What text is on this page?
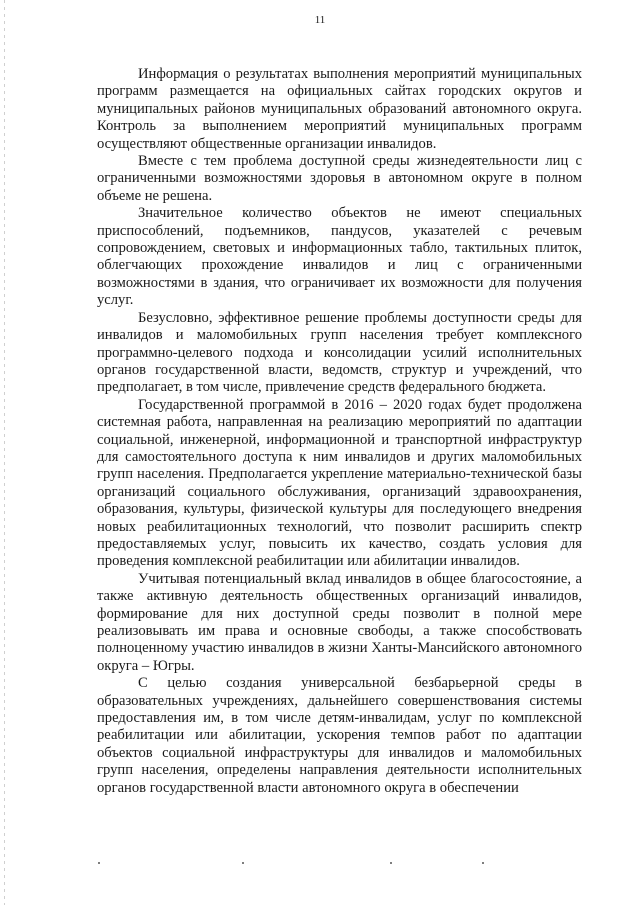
11

Информация о результатах выполнения мероприятий муниципальных программ размещается на официальных сайтах городских округов и муниципальных районов муниципальных образований автономного округа. Контроль за выполнением мероприятий муниципальных программ осуществляют общественные организации инвалидов.

Вместе с тем проблема доступной среды жизнедеятельности лиц с ограниченными возможностями здоровья в автономном округе в полном объеме не решена.

Значительное количество объектов не имеют специальных приспособлений, подъемников, пандусов, указателей с речевым сопровождением, световых и информационных табло, тактильных плиток, облегчающих прохождение инвалидов и лиц с ограниченными возможностями в здания, что ограничивает их возможности для получения услуг.

Безусловно, эффективное решение проблемы доступности среды для инвалидов и маломобильных групп населения требует комплексного программно-целевого подхода и консолидации усилий исполнительных органов государственной власти, ведомств, структур и учреждений, что предполагает, в том числе, привлечение средств федерального бюджета.

Государственной программой в 2016 – 2020 годах будет продолжена системная работа, направленная на реализацию мероприятий по адаптации социальной, инженерной, информационной и транспортной инфраструктур для самостоятельного доступа к ним инвалидов и других маломобильных групп населения. Предполагается укрепление материально-технической базы организаций социального обслуживания, организаций здравоохранения, образования, культуры, физической культуры для последующего внедрения новых реабилитационных технологий, что позволит расширить спектр предоставляемых услуг, повысить их качество, создать условия для проведения комплексной реабилитации или абилитации инвалидов.

Учитывая потенциальный вклад инвалидов в общее благосостояние, а также активную деятельность общественных организаций инвалидов, формирование для них доступной среды позволит в полной мере реализовывать им права и основные свободы, а также способствовать полноценному участию инвалидов в жизни Ханты-Мансийского автономного округа – Югры.

С целью создания универсальной безбарьерной среды в образовательных учреждениях, дальнейшего совершенствования системы предоставления им, в том числе детям-инвалидам, услуг по комплексной реабилитации или абилитации, ускорения темпов работ по адаптации объектов социальной инфраструктуры для инвалидов и маломобильных групп населения, определены направления деятельности исполнительных органов государственной власти автономного округа в обеспечении
